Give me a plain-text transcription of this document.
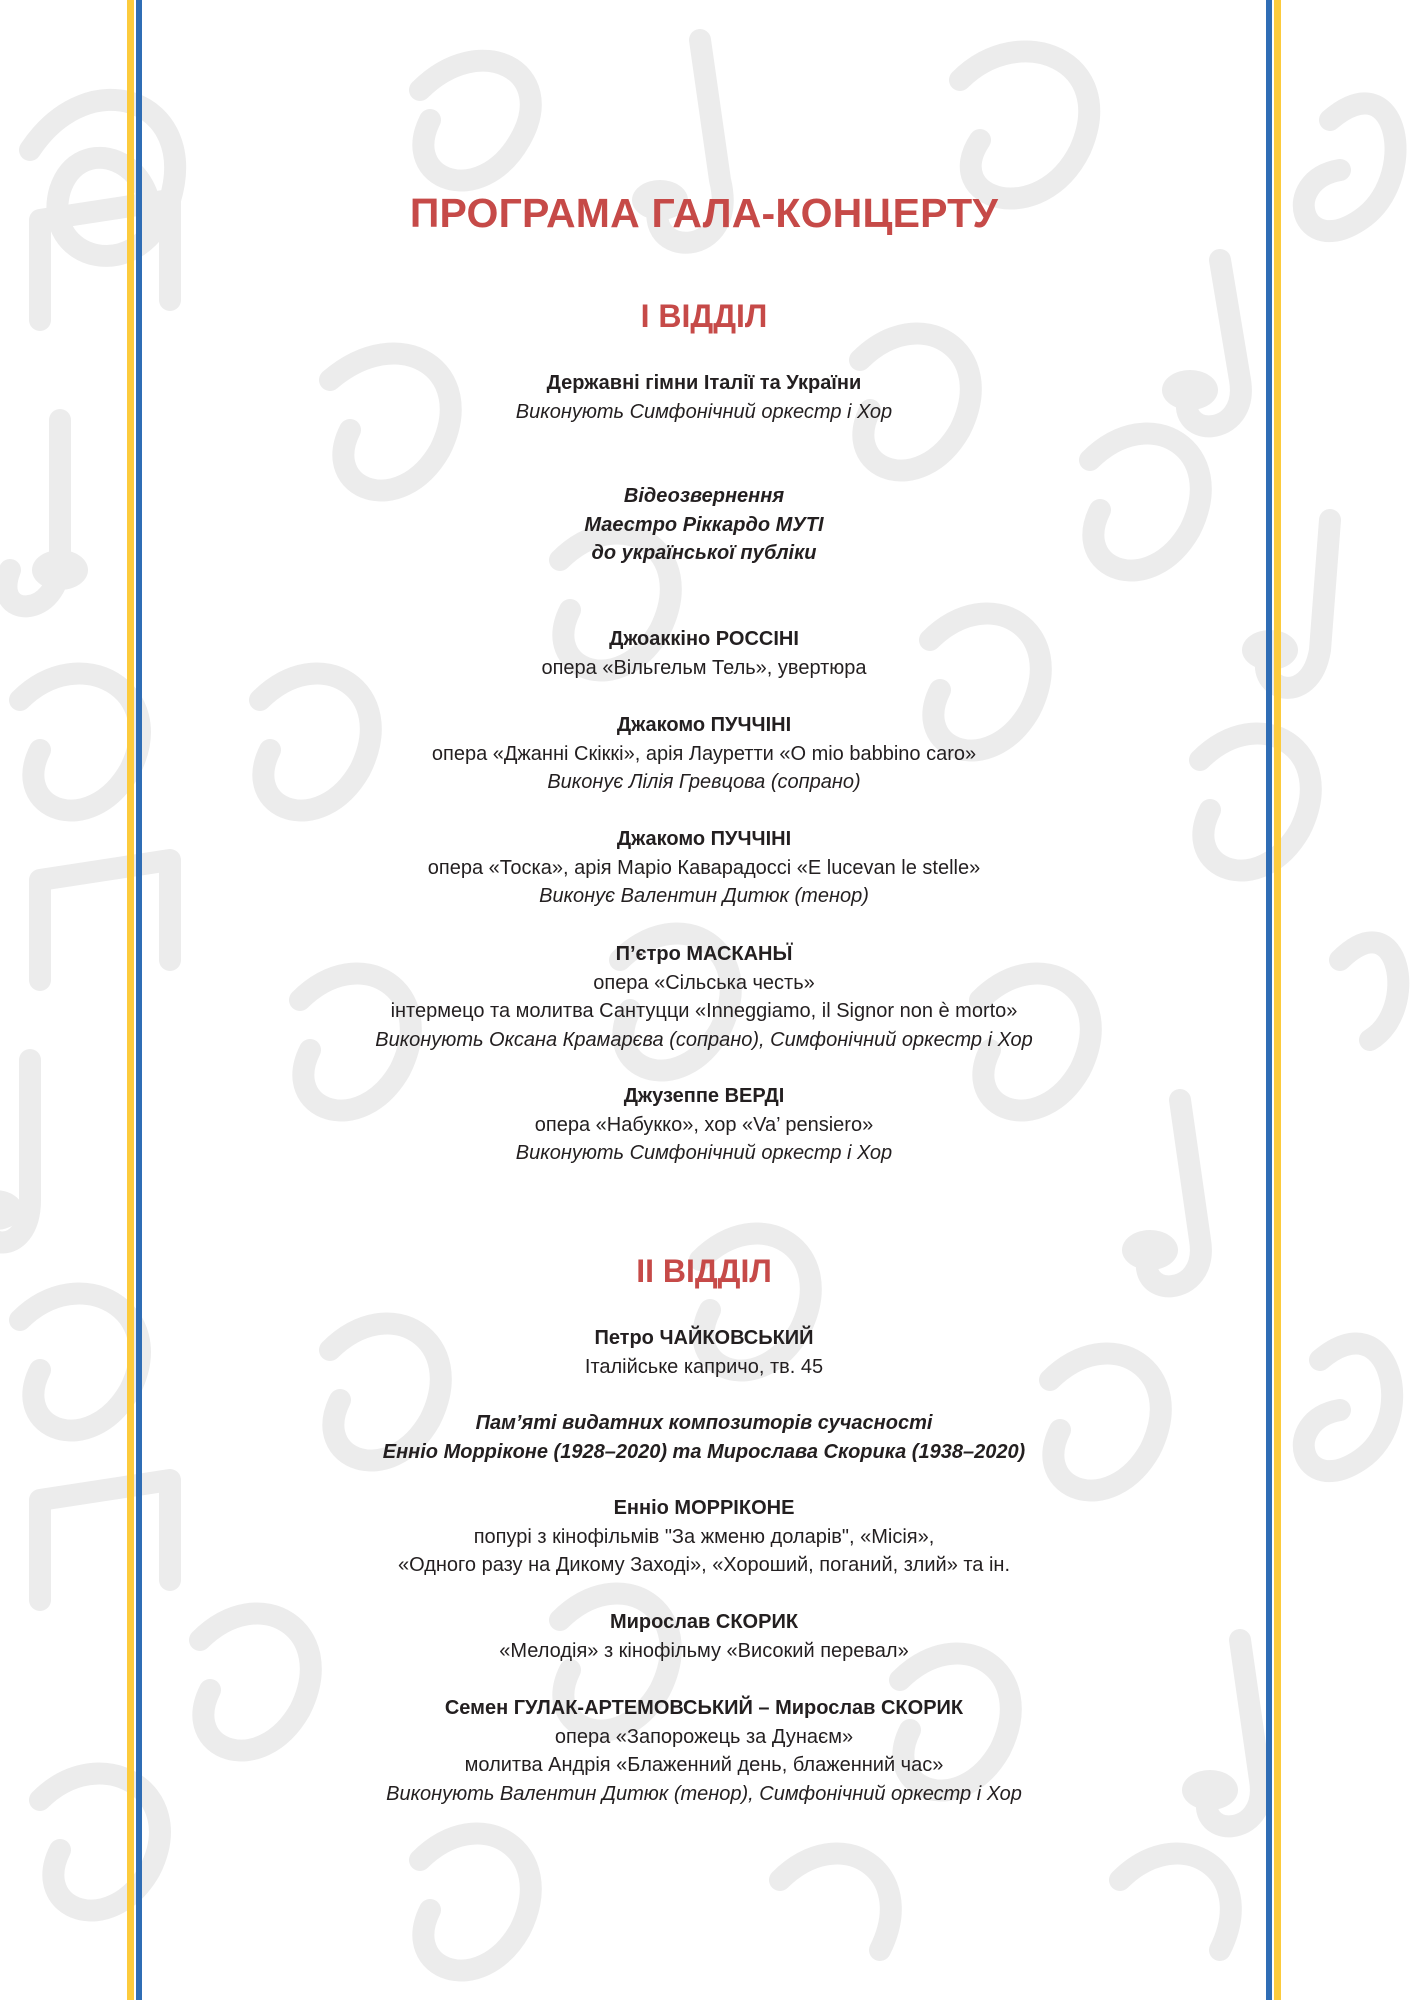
ПРОГРАМА ГАЛА-КОНЦЕРТУ
І ВІДДІЛ
Державні гімни Італії та України
Виконують Симфонічний оркестр і Хор
Відеозвернення
Маестро Ріккардо МУТІ
до української публіки
Джоаккіно РОССІНІ
опера «Вільгельм Тель», увертюра
Джакомо ПУЧЧІНІ
опера «Джанні Скіккі», арія Лауретти «O mio babbino caro»
Виконує Лілія Гревцова (сопрано)
Джакомо ПУЧЧІНІ
опера «Тоска», арія Маріо Каварадоссі «E lucevan le stelle»
Виконує Валентин Дитюк (тенор)
П’єтро МАСКАНЬЇ
опера «Сільська честь»
інтермецо та молитва Сантуцци «Inneggiamo, il Signor non è morto»
Виконують Оксана Крамарєва (сопрано), Симфонічний оркестр і Хор
Джузеппе ВЕРДІ
опера «Набукко», хор «Va’ pensiero»
Виконують Симфонічний оркестр і Хор
ІІ ВІДДІЛ
Петро ЧАЙКОВСЬКИЙ
Італійське капричо, тв. 45
Пам’яті видатних композиторів сучасності
Енніо Морріконе (1928–2020) та Мирослава Скорика (1938–2020)
Енніо МОРРІКОНЕ
попурі з кінофільмів "За жменю доларів", «Місія»,
«Одного разу на Дикому Заході», «Хороший, поганий, злий» та ін.
Мирослав СКОРИК
«Мелодія» з кінофільму «Високий перевал»
Семен ГУЛАК-АРТЕМОВСЬКИЙ – Мирослав СКОРИК
опера «Запорожець за Дунаєм»
молитва Андрія «Блаженний день, блаженний час»
Виконують Валентин Дитюк (тенор), Симфонічний оркестр і Хор
